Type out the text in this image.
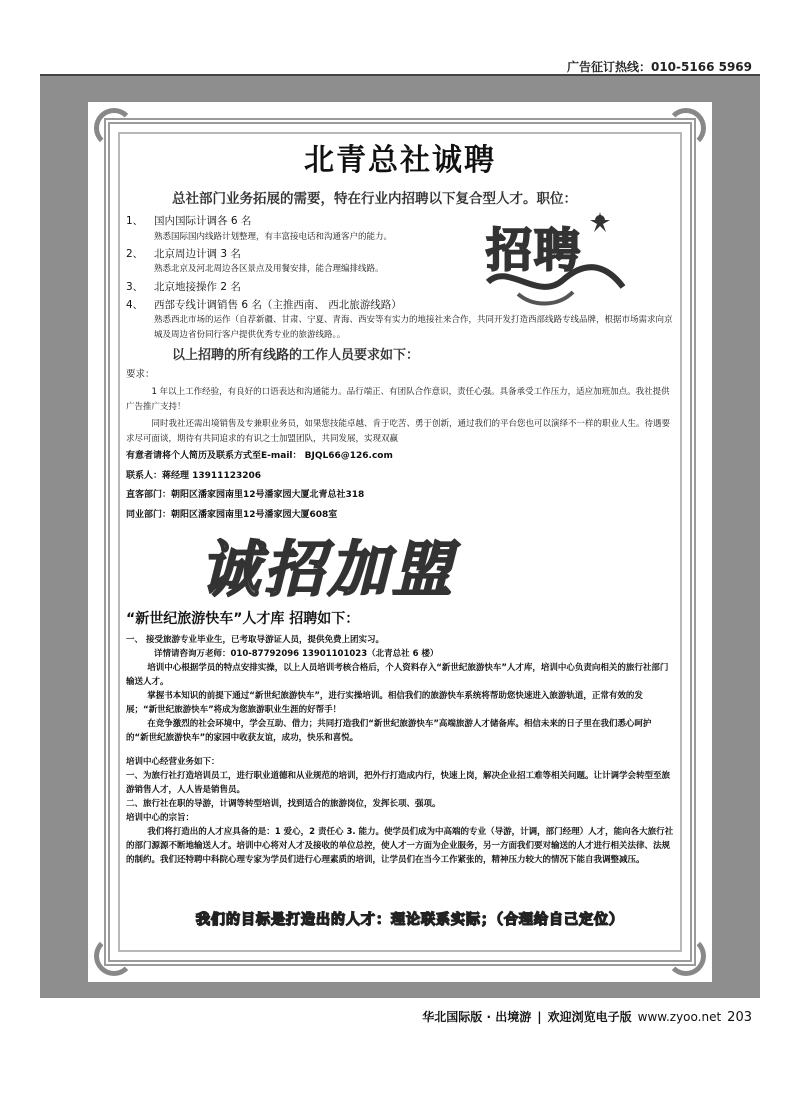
广告征订热线：010-5166 5969
北青总社诚聘
总社部门业务拓展的需要，特在行业内招聘以下复合型人才。职位：
1、 国内国际计调各 6 名
熟悉国际国内线路计划整理，有丰富接电话和沟通客户的能力。
2、 北京周边计调 3 名
熟悉北京及河北周边各区景点及用餐安排，能合理编排线路。
3、 北京地接操作 2 名
4、 西部专线计调销售 6 名（主推西南、 西北旅游线路）
熟悉西北市场的运作（自荐新疆、甘肃、宁夏、青海、西安等有实力的地接社来合作，共同开发打造西部线路专线品牌，根据市场需求向京城及周边省份同行客户提供优秀专业的旅游线路。。
以上招聘的所有线路的工作人员要求如下：
要求：
1 年以上工作经验，有良好的口语表达和沟通能力。品行端正、有团队合作意识，责任心强。具备承受工作压力，适应加班加点。我社提供广告推广支持！
同时我社还需出境销售及专兼职业务员，如果您技能卓越、肯于吃苦、勇于创新，通过我们的平台您也可以演绎不一样的职业人生。待遇要求尽可面谈，期待有共同追求的有识之士加盟团队，共同发展，实现双赢
有意者请将个人简历及联系方式至E-mail： BJQL66@126.com
联系人：蒋经理 13911123206
直客部门：朝阳区潘家园南里12号潘家园大厦北青总社318
同业部门：朝阳区潘家园南里12号潘家园大厦608室
招聘
诚招加盟
“新世纪旅游快车”人才库 招聘如下：
一、 接受旅游专业毕业生，已考取导游证人员，提供免费上团实习。
详情请咨询万老师：010-87792096 13901101023（北青总社 6 楼）
培训中心根据学员的特点安排实操，以上人员培训考核合格后，个人资料存入“新世纪旅游快车”人才库，培训中心负责向相关的旅行社部门输送人才。
掌握书本知识的前提下通过“新世纪旅游快车”，进行实操培训。相信我们的旅游快车系统将帮助您快速进入旅游轨道，正常有效的发展；“新世纪旅游快车”将成为您旅游职业生涯的好帮手！
在竞争激烈的社会环境中，学会互助、借力；共同打造我们“新世纪旅游快车”高端旅游人才储备库。相信未来的日子里在我们悉心呵护的“新世纪旅游快车”的家园中收获友谊，成功，快乐和喜悦。
培训中心经营业务如下：
一、为旅行社打造培训员工，进行职业道德和从业规范的培训，把外行打造成内行，快速上岗，解决企业招工难等相关问题。让计调学会转型至旅游销售人才，人人皆是销售员。
二、旅行社在职的导游，计调等转型培训，找到适合的旅游岗位，发挥长项、强项。
培训中心的宗旨：
我们将打造出的人才应具备的是：1 爱心，2 责任心 3. 能力。使学员们成为中高端的专业（导游，计调，部门经理）人才，能向各大旅行社的部门源源不断地输送人才。培训中心将对人才及接收的单位总控，使人才一方面为企业服务，另一方面我们要对输送的人才进行相关法律、法规的制约。我们还特聘中科院心理专家为学员们进行心理素质的培训，让学员们在当今工作紧张的，精神压力较大的情况下能自我调整减压。
我们的目标是打造出的人才：理论联系实际；（合理给自己定位）
华北国际版 · 出境游 | 欢迎浏览电子版 www.zyoo.net 203
